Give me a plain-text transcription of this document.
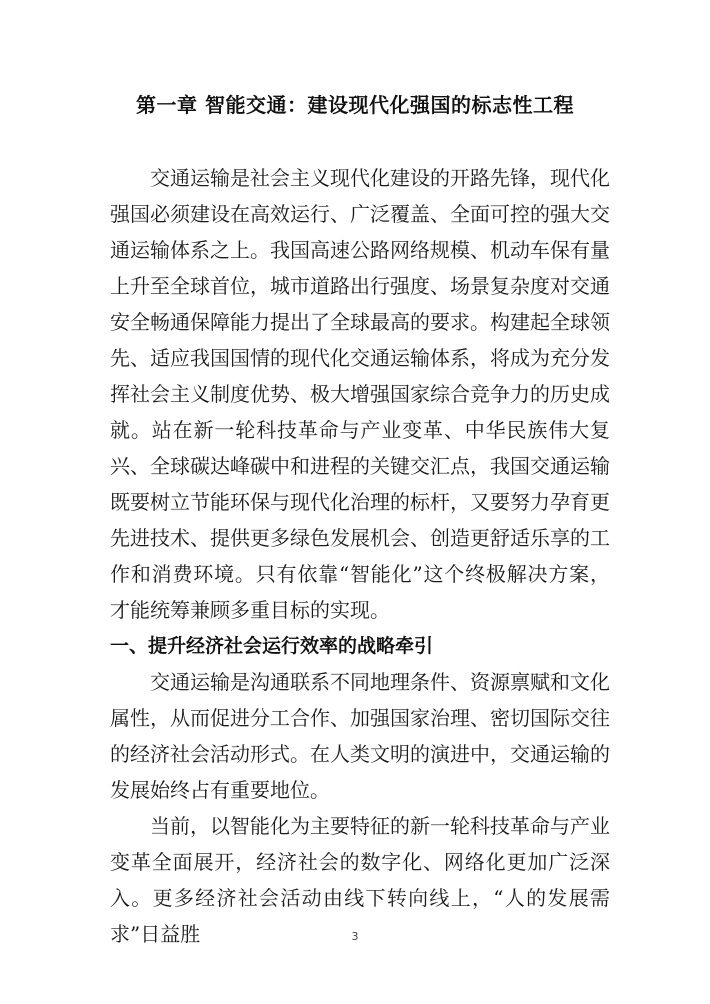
第一章 智能交通：建设现代化强国的标志性工程

交通运输是社会主义现代化建设的开路先锋，现代化强国必须建设在高效运行、广泛覆盖、全面可控的强大交通运输体系之上。我国高速公路网络规模、机动车保有量上升至全球首位，城市道路出行强度、场景复杂度对交通安全畅通保障能力提出了全球最高的要求。构建起全球领先、适应我国国情的现代化交通运输体系，将成为充分发挥社会主义制度优势、极大增强国家综合竞争力的历史成就。站在新一轮科技革命与产业变革、中华民族伟大复兴、全球碳达峰碳中和进程的关键交汇点，我国交通运输既要树立节能环保与现代化治理的标杆，又要努力孕育更先进技术、提供更多绿色发展机会、创造更舒适乐享的工作和消费环境。只有依靠“智能化”这个终极解决方案，才能统筹兼顾多重目标的实现。

一、提升经济社会运行效率的战略牵引

交通运输是沟通联系不同地理条件、资源禀赋和文化属性，从而促进分工合作、加强国家治理、密切国际交往的经济社会活动形式。在人类文明的演进中，交通运输的发展始终占有重要地位。

当前，以智能化为主要特征的新一轮科技革命与产业变革全面展开，经济社会的数字化、网络化更加广泛深入。更多经济社会活动由线下转向线上，“人的发展需求”日益胜	3
